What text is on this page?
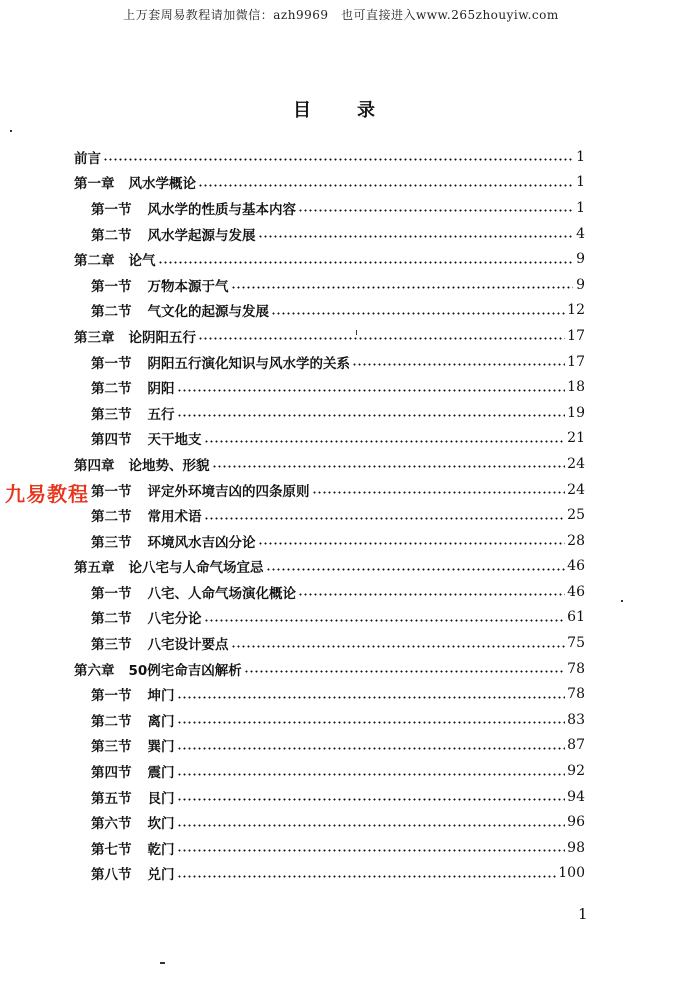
上万套周易教程请加微信：azh9969　也可直接进入www.265zhouyiw.com
目　录
前言	1
第一章 风水学概论	1
第一节 风水学的性质与基本内容	1
第二节 风水学起源与发展	4
第二章 论气	9
第一节 万物本源于气	9
第二节 气文化的起源与发展	12
第三章 论阴阳五行	17
第一节 阴阳五行演化知识与风水学的关系	17
第二节 阴阳	18
第三节 五行	19
第四节 天干地支	21
第四章 论地势、形貌	24
第一节 评定外环境吉凶的四条原则	24
第二节 常用术语	25
第三节 环境风水吉凶分论	28
第五章 论八宅与人命气场宜忌	46
第一节 八宅、人命气场演化概论	46
第二节 八宅分论	61
第三节 八宅设计要点	75
第六章 50例宅命吉凶解析	78
第一节 坤门	78
第二节 离门	83
第三节 巽门	87
第四节 震门	92
第五节 艮门	94
第六节 坎门	96
第七节 乾门	98
第八节 兑门	100
九易教程
1
